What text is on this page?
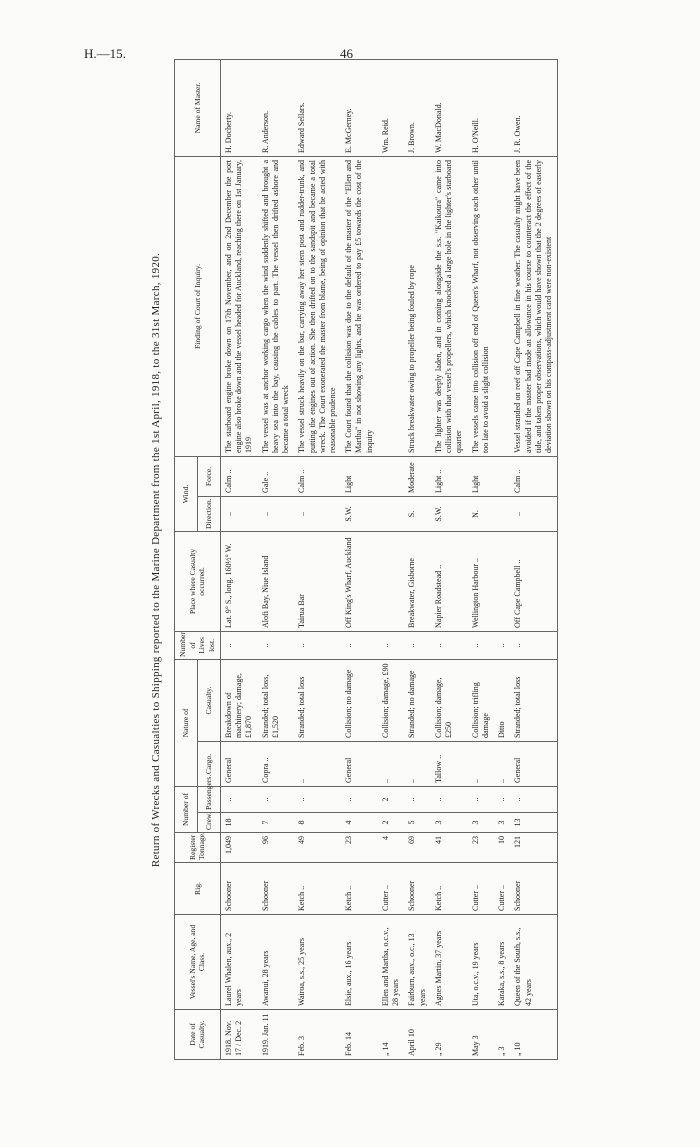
H.—15.	46
Return of Wrecks and Casualties to Shipping reported to the Marine Department from the 1st April, 1918, to the 31st March, 1920.
Date of Casualty.	Vessel's Name, Age, and Class.	Rig.	Register Tonnage.	Number of		Nature of		Number of Lives lost.	Place where Casualty occurred.	Wind.		Finding of Court of Inquiry.	Name of Master.
				Crew.	Passengers.	Cargo.	Casualty.			Direction.	Force.		
1918. Nov. 17 / Dec. 2	Laurel Whalen, aux., 2 years	Schooner	1,049	18	..	General	Breakdown of machinery; damage, £1,870	..	Lat. 9° S., long. 160½° W.	..	Calm ..	The starboard engine broke down on 17th November, and on 2nd December the port engine also broke down and the vessel headed for Auckland, reaching there on 1st January, 1919	H. Docherty.
1919. Jan. 11	Awanui, 28 years	Schooner	96	7	..	Copra ..	Stranded; total loss, £1,520	..	Alofi Bay, Niue Island	..	Gale ..	The vessel was at anchor working cargo when the wind suddenly shifted and brought a heavy sea into the bay, causing the cables to part. The vessel then drifted ashore and became a total wreck	R. Anderson.
Feb. 3	Wairoa, s.s., 25 years	Ketch ..	49	8	..	..	Stranded; total loss	..	Tairua Bar	..	Calm ..	The vessel struck heavily on the bar, carrying away her stern post and rudder-trunk, and putting the engines out of action. She then drifted on to the sandspit and became a total wreck. The Court exonerated the master from blame, being of opinion that he acted with reasonable prudence	Edward Sellars.
Feb. 14	Elsie, aux., 16 years	Ketch ..	23	4	..	General	Collision; no damage	..	Off King's Wharf, Auckland	S.W.	Light	The Court found that the collision was due to the default of the master of the "Ellen and Martha" in not showing any lights, and he was ordered to pay £5 towards the cost of the inquiry	E. McGerney.
„ 14	Ellen and Martha, o.c.v., 28 years	Cutter ..	4	2	2	..	Collision; damage, £90	..					Wm. Reid.
April 10	Fairburn, aux., o.c., 13 years	Schooner	69	5	..	..	Stranded; no damage	..	Breakwater, Gisborne	S.	Moderate	Struck breakwater owing to propeller being fouled by rope	J. Brown.
„ 29	Agnes Martin, 37 years	Ketch ..	41	3	..	Tallow ..	Collision; damage, £250	..	Napier Roadstead ..	S.W.	Light ..	The lighter was deeply laden, and in coming alongside the s.s. "Kaikoura" came into collision with that vessel's propellers, which knocked a large hole in the lighter's starboard quarter	W. MacDonald.
May 3	Uta, o.c.v., 19 years	Cutter ..	23	3	..	..	Collision; trifling damage	..	Wellington Harbour ..	N.	Light	The vessels came into collision off end of Queen's Wharf, not observing each other until too late to avoid a slight collision	H. O'Neill.
„ 3	Karaka, s.s., 8 years	Cutter ..	10	3	..	..	Ditto	..					
„ 10	Queen of the South, s.s., 42 years	Schooner	121	13	..	General	Stranded; total loss	..	Off Cape Campbell ..	..	Calm ..	Vessel stranded on reef off Cape Campbell in fine weather. The casualty might have been avoided if the master had made an allowance in his course to counteract the effect of the tide, and taken proper observations, which would have shown that the 2 degrees of easterly deviation shown on his compass-adjustment card were non-existent	J. R. Owen.
